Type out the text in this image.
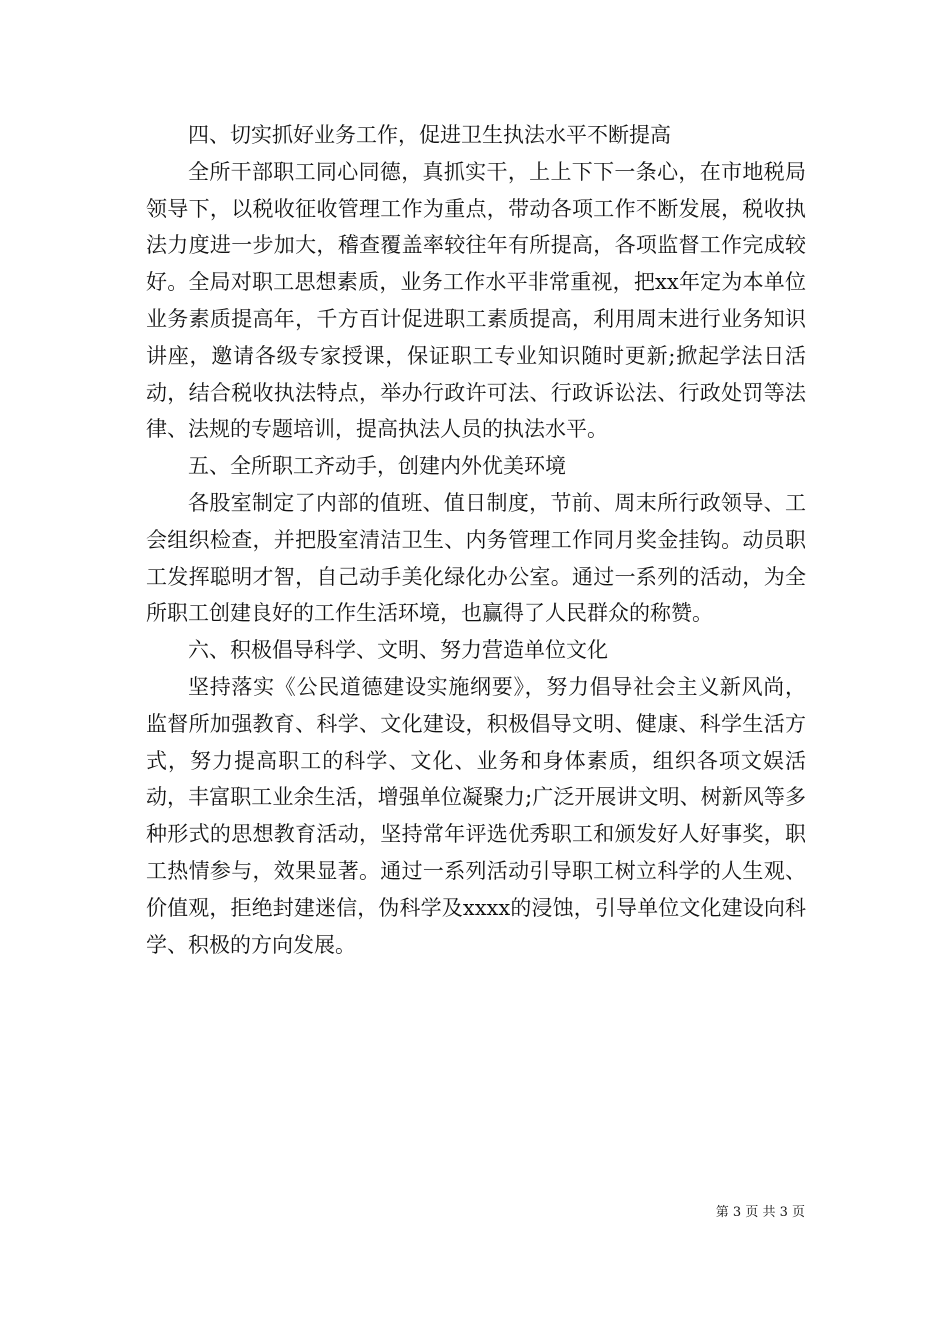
四、切实抓好业务工作，促进卫生执法水平不断提高

全所干部职工同心同德，真抓实干，上上下下一条心，在市地税局领导下，以税收征收管理工作为重点，带动各项工作不断发展，税收执法力度进一步加大，稽查覆盖率较往年有所提高，各项监督工作完成较好。全局对职工思想素质，业务工作水平非常重视，把xx年定为本单位业务素质提高年，千方百计促进职工素质提高，利用周末进行业务知识讲座，邀请各级专家授课，保证职工专业知识随时更新;掀起学法日活动，结合税收执法特点，举办行政许可法、行政诉讼法、行政处罚等法律、法规的专题培训，提高执法人员的执法水平。

五、全所职工齐动手，创建内外优美环境

各股室制定了内部的值班、值日制度，节前、周末所行政领导、工会组织检查，并把股室清洁卫生、内务管理工作同月奖金挂钩。动员职工发挥聪明才智，自己动手美化绿化办公室。通过一系列的活动，为全所职工创建良好的工作生活环境，也赢得了人民群众的称赞。

六、积极倡导科学、文明、努力营造单位文化

坚持落实《公民道德建设实施纲要》，努力倡导社会主义新风尚，监督所加强教育、科学、文化建设，积极倡导文明、健康、科学生活方式，努力提高职工的科学、文化、业务和身体素质，组织各项文娱活动，丰富职工业余生活，增强单位凝聚力;广泛开展讲文明、树新风等多种形式的思想教育活动，坚持常年评选优秀职工和颁发好人好事奖，职工热情参与，效果显著。通过一系列活动引导职工树立科学的人生观、价值观，拒绝封建迷信，伪科学及xxxx的浸蚀，引导单位文化建设向科学、积极的方向发展。

第 3 页 共 3 页
